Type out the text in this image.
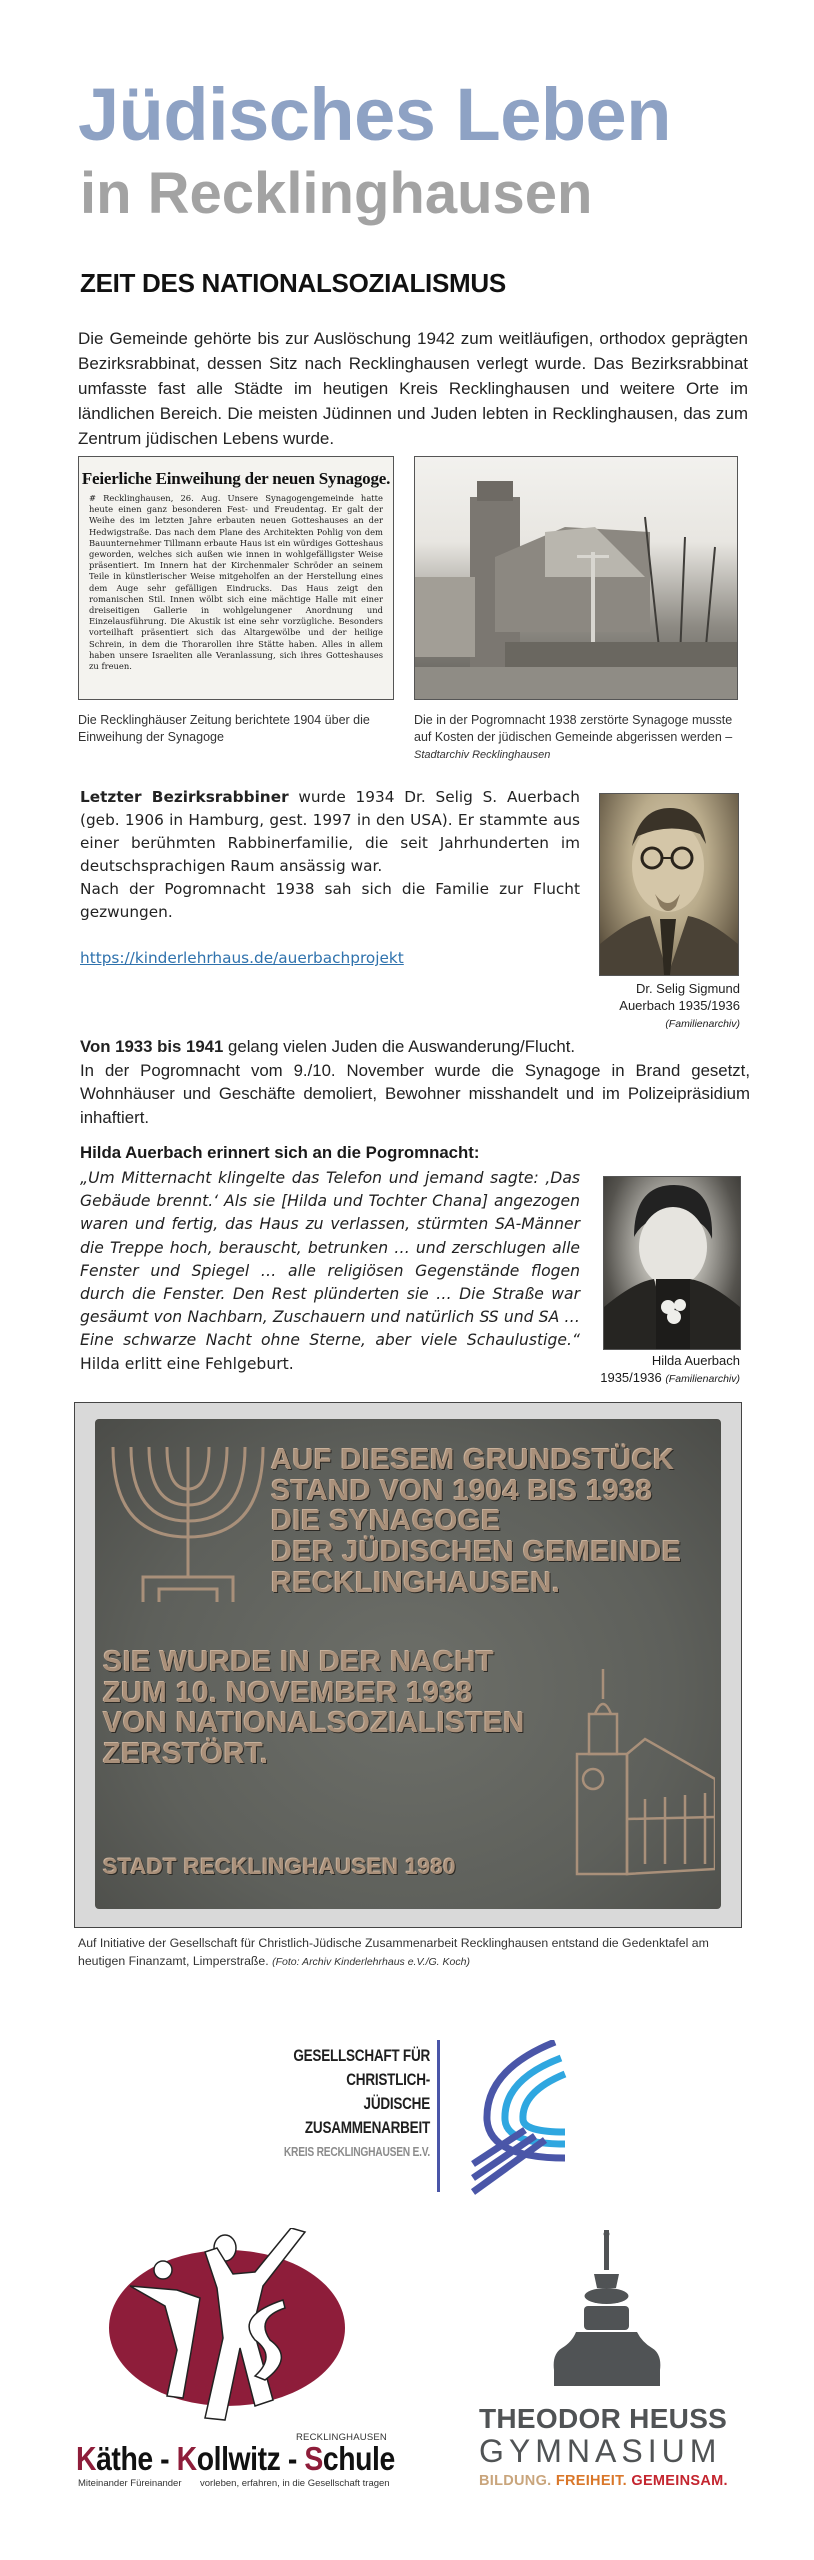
Jüdisches Leben
in Recklinghausen
ZEIT DES NATIONALSOZIALISMUS
Die Gemeinde gehörte bis zur Auslöschung 1942 zum weitläufigen, orthodox geprägten Bezirksrabbinat, dessen Sitz nach Recklinghausen verlegt wurde. Das Bezirksrabbinat umfasste fast alle Städte im heutigen Kreis Recklinghausen und weitere Orte im ländlichen Bereich. Die meisten Jüdinnen und Juden lebten in Recklinghausen, das zum Zentrum jüdischen Lebens wurde.
Feierliche Einweihung der neuen Synagoge.
# Recklinghausen, 26. Aug. Unsere Synagogengemeinde hatte heute einen ganz besonderen Fest- und Freudentag. Er galt der Weihe des im letzten Jahre erbauten neuen Gotteshauses an der Hedwigstraße. Das nach dem Plane des Architekten Pohlig von dem Bauunternehmer Tillmann erbaute Haus ist ein würdiges Gotteshaus geworden, welches sich außen wie innen in wohlgefälligster Weise präsentiert. Im Innern hat der Kirchenmaler Schröder an seinem Teile in künstlerischer Weise mitgeholfen an der Herstellung eines dem Auge sehr gefälligen Eindrucks. Das Haus zeigt den romanischen Stil. Innen wölbt sich eine mächtige Halle mit einer dreiseitigen Gallerie in wohlgelungener Anordnung und Einzelausführung. Die Akustik ist eine sehr vorzügliche. Besonders vorteilhaft präsentiert sich das Altargewölbe und der heilige Schrein, in dem die Thorarollen ihre Stätte haben. Alles in allem haben unsere Israeliten alle Veranlassung, sich ihres Gotteshauses zu freuen.
Die Recklinghäuser Zeitung berichtete 1904 über die Einweihung der Synagoge
Die in der Pogromnacht 1938 zerstörte Synagoge musste auf Kosten der jüdischen Gemeinde abgerissen werden – Stadtarchiv Recklinghausen
Letzter Bezirksrabbiner wurde 1934 Dr. Selig S. Auerbach (geb. 1906 in Hamburg, gest. 1997 in den USA). Er stammte aus einer berühmten Rabbinerfamilie, die seit Jahrhunderten im deutschsprachigen Raum ansässig war.
Nach der Pogromnacht 1938 sah sich die Familie zur Flucht gezwungen.

https://kinderlehrhaus.de/auerbachprojekt
Dr. Selig Sigmund
Auerbach 1935/1936
(Familienarchiv)
Von 1933 bis 1941 gelang vielen Juden die Auswanderung/Flucht.
In der Pogromnacht vom 9./10. November wurde die Synagoge in Brand gesetzt, Wohnhäuser und Geschäfte demoliert, Bewohner misshandelt und im Polizeipräsidium inhaftiert.
Hilda Auerbach erinnert sich an die Pogromnacht:
„Um Mitternacht klingelte das Telefon und jemand sagte: ‚Das Gebäude brennt.‘ Als sie [Hilda und Tochter Chana] angezogen waren und fertig, das Haus zu verlassen, stürmten SA-Männer die Treppe hoch, berauscht, betrunken … und zerschlugen alle Fenster und Spiegel … alle religiösen Gegenstände flogen durch die Fenster. Den Rest plünderten sie … Die Straße war gesäumt von Nachbarn, Zuschauern und natürlich SS und SA … Eine schwarze Nacht ohne Sterne, aber viele Schaulustige.“ Hilda erlitt eine Fehlgeburt.	Hilda Auerbach
1935/1936 (Familienarchiv)
AUF DIESEM GRUNDSTÜCK
STAND VON 1904 BIS 1938
DIE SYNAGOGE
DER JÜDISCHEN GEMEINDE
RECKLINGHAUSEN.
SIE WURDE IN DER NACHT
ZUM 10. NOVEMBER 1938
VON NATIONALSOZIALISTEN
ZERSTÖRT.
STADT RECKLINGHAUSEN 1980
Auf Initiative der Gesellschaft für Christlich-Jüdische Zusammenarbeit Recklinghausen entstand die Gedenktafel am heutigen Finanzamt, Limperstraße. (Foto: Archiv Kinderlehrhaus e.V./G. Koch)
GESELLSCHAFT FÜR
CHRISTLICH-JÜDISCHE
ZUSAMMENARBEIT
KREIS RECKLINGHAUSEN E.V.
RECKLINGHAUSEN
Käthe - Kollwitz - Schule
Miteinander Füreinander vorleben, erfahren, in die Gesellschaft tragen
THEODOR HEUSS
GYMNASIUM
BILDUNG. FREIHEIT. GEMEINSAM.
